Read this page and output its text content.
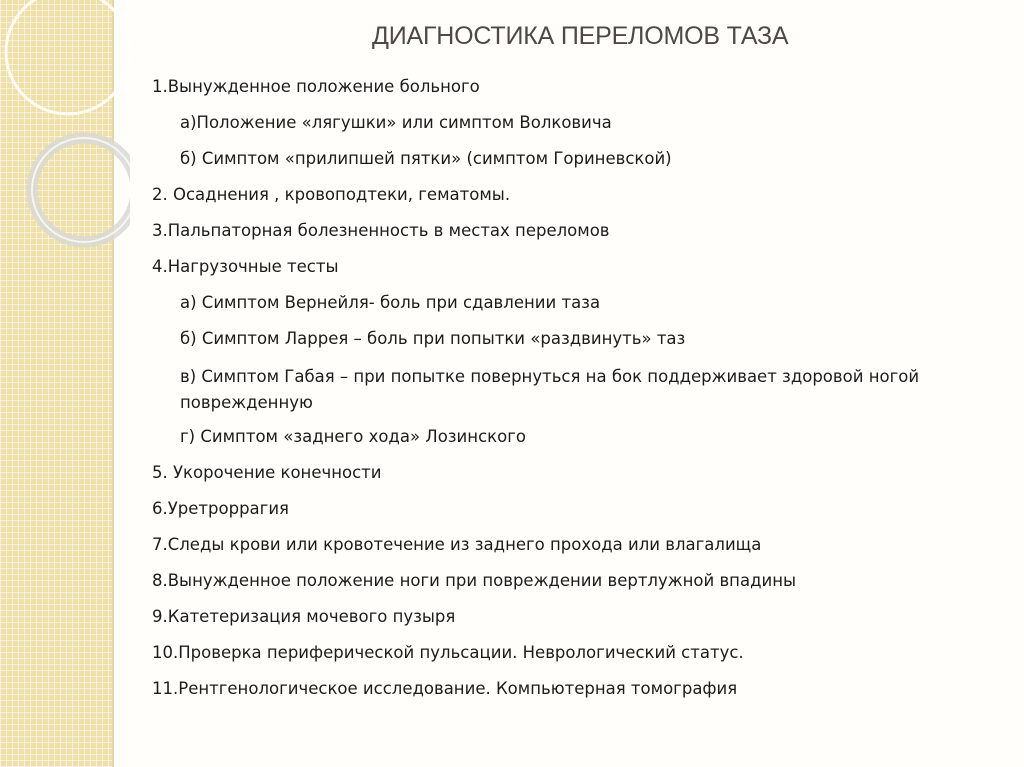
ДИАГНОСТИКА ПЕРЕЛОМОВ ТАЗА
1.Вынужденное положение больного
а)Положение «лягушки» или симптом Волковича
б) Симптом «прилипшей пятки» (симптом Гориневской)
2. Осаднения , кровоподтеки, гематомы.
3.Пальпаторная болезненность в местах переломов
4.Нагрузочные тесты
а) Симптом Вернейля- боль при сдавлении таза
б) Симптом Ларрея – боль при попытки «раздвинуть» таз
в) Симптом Габая – при попытке повернуться на бок поддерживает здоровой ногой поврежденную
г) Симптом «заднего хода» Лозинского
5. Укорочение конечности
6.Уретроррагия
7.Следы крови или кровотечение из заднего прохода или влагалища
8.Вынужденное положение ноги при повреждении вертлужной впадины
9.Катетеризация мочевого пузыря
10.Проверка периферической пульсации. Неврологический статус.
11.Рентгенологическое исследование. Компьютерная томография
